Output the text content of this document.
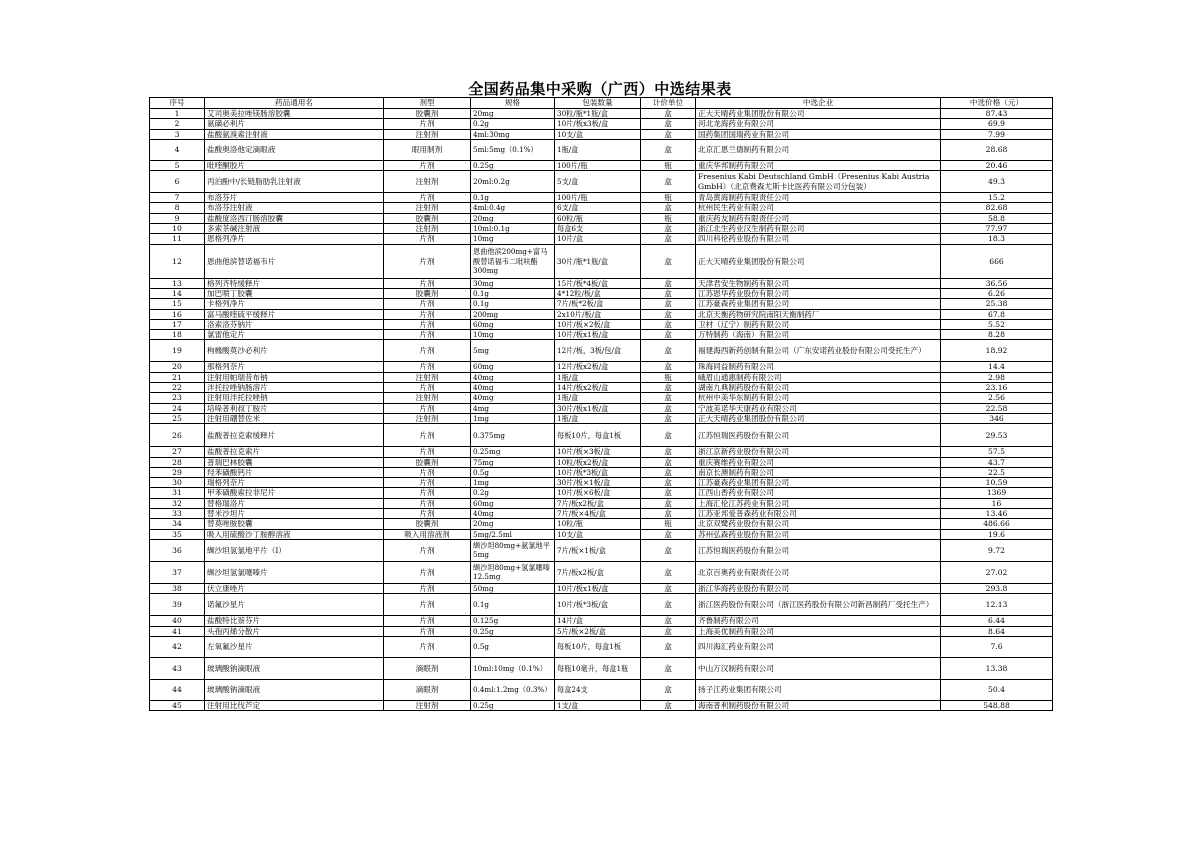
全国药品集中采购（广西）中选结果表
序号	药品通用名	剂型	规格	包装数量	计价单位	中选企业	中选价格（元）
1	艾司奥美拉唑镁肠溶胶囊	胶囊剂	20mg	30粒/瓶*1瓶/盒	盒	正大天晴药业集团股份有限公司	87.43
2	氨磺必利片	片剂	0.2g	10片/板x3板/盒	盒	河北龙海药业有限公司	69.9
3	盐酸氨溴索注射液	注射剂	4ml:30mg	10支/盒	盒	国药集团国瑞药业有限公司	7.99
4	盐酸奥洛他定滴眼液	眼用制剂	5ml:5mg（0.1%）	1瓶/盒	盒	北京汇恩兰德制药有限公司	28.68
5	吡喹酮胶片	片剂	0.25g	100片/瓶	瓶	重庆华邦制药有限公司	20.46
6	丙泊酚中/长链脂肪乳注射液	注射剂	20ml:0.2g	5支/盒	盒	Fresenius Kabi Deutschland GmbH（Fresenius Kabi Austria GmbH）（北京费森尤斯卡比医药有限公司分包装）	49.3
7	布洛芬片	片剂	0.1g	100片/瓶	瓶	青岛黄海制药有限责任公司	15.2
8	布洛芬注射液	注射剂	4ml:0.4g	6支/盒	盒	杭州民生药业有限公司	82.68
9	盐酸度洛西汀肠溶胶囊	胶囊剂	20mg	60粒/瓶	瓶	重庆药友制药有限责任公司	58.8
10	多索茶碱注射液	注射剂	10ml:0.1g	每盒6支	盒	浙江北生药业汉生制药有限公司	77.97
11	恩格列净片	片剂	10mg	10片/盒	盒	四川科伦药业股份有限公司	18.3
12	恩曲他滨替诺福韦片	片剂	恩曲他滨200mg+富马酸替诺福韦二吡呋酯300mg	30片/瓶*1瓶/盒	盒	正大天晴药业集团股份有限公司	666
13	格列齐特缓释片	片剂	30mg	15片/板*4板/盒	盒	天津君安生物制药有限公司	36.56
14	加巴喷丁胶囊	胶囊剂	0.1g	4*12粒/板/盒	盒	江苏恩华药业股份有限公司	6.26
15	卡格列净片	片剂	0.1g	7片/板*2板/盒	盒	江苏豪森药业集团有限公司	25.38
16	富马酸喹硫平缓释片	片剂	200mg	2x10片/板/盒	盒	北京天衡药物研究院南阳天衡制药厂	67.8
17	洛索洛芬钠片	片剂	60mg	10片/板×2板/盒	盒	卫材（辽宁）制药有限公司	5.52
18	氯雷他定片	片剂	10mg	10片/板x1板/盒	盒	万特制药（海南）有限公司	8.28
19	枸橼酸莫沙必利片	片剂	5mg	12片/板，3板/包/盒	盒	福建海西新药创制有限公司（广东安诺药业股份有限公司受托生产）	18.92
20	那格列奈片	片剂	60mg	12片/板x2板/盒	盒	珠海同益制药有限公司	14.4
21	注射用帕瑞昔布钠	注射剂	40mg	1瓶/盒	瓶	峨眉山通惠制药有限公司	2.98
22	泮托拉唑钠肠溶片	片剂	40mg	14片/板x2板/盒	盒	湖南九典制药股份有限公司	23.16
23	注射用泮托拉唑钠	注射剂	40mg	1瓶/盒	盒	杭州中美华东制药有限公司	2.56
24	培哚普利叔丁胺片	片剂	4mg	30片/板x1板/盒	盒	宁波美诺华天康药业有限公司	22.58
25	注射用硼替佐米	注射剂	1mg	1瓶/盒	盒	正大天晴药业集团股份有限公司	346
26	盐酸普拉克索缓释片	片剂	0.375mg	每板10片，每盒1板	盒	江苏恒瑞医药股份有限公司	29.53
27	盐酸普拉克索片	片剂	0.25mg	10片/板×3板/盒	盒	浙江京新药业股份有限公司	57.5
28	普瑞巴林胶囊	胶囊剂	75mg	10粒/板x2板/盒	盒	重庆赛维药业有限公司	43.7
29	羟苯磺酸钙片	片剂	0.5g	10片/板*3板/盒	盒	南京长澳制药有限公司	22.5
30	瑞格列奈片	片剂	1mg	30片/板×1板/盒	盒	江苏豪森药业集团有限公司	10.59
31	甲苯磺酸索拉非尼片	片剂	0.2g	10片/板×6板/盒	盒	江西山香药业有限公司	1369
32	替格瑞洛片	片剂	60mg	7片/板x2板/盒	盒	上海汇伦江苏药业有限公司	16
33	替米沙坦片	片剂	40mg	7片/板×4板/盒	盒	江苏亚邦爱普森药业有限公司	13.46
34	替莫唑胺胶囊	胶囊剂	20mg	10粒/瓶	瓶	北京双鹭药业股份有限公司	486.66
35	吸入用硫酸沙丁胺醇溶液	吸入用溶液剂	5mg/2.5ml	10支/盒	盒	苏州弘森药业股份有限公司	19.6
36	缬沙坦氢氯地平片（I）	片剂	缬沙坦80mg+氨氯地平5mg	7片/板×1板/盒	盒	江苏恒瑞医药股份有限公司	9.72
37	缬沙坦氢氯噻嗪片	片剂	缬沙坦80mg+氢氯噻嗪12.5mg	7片/板x2板/盒	盒	北京百奥药业有限责任公司	27.02
38	伏立康唑片	片剂	50mg	10片/板x1板/盒	盒	浙江华海药业股份有限公司	293.8
39	诺氟沙星片	片剂	0.1g	10片/板*3板/盒	盒	浙江医药股份有限公司（浙江医药股份有限公司新昌制药厂受托生产）	12.13
40	盐酸特比萘芬片	片剂	0.125g	14片/盒	盒	齐鲁制药有限公司	6.44
41	头孢丙烯分散片	片剂	0.25g	5片/板×2板/盒	盒	上海美优制药有限公司	8.64
42	左氧氟沙星片	片剂	0.5g	每板10片，每盒1板	盒	四川海汇药业有限公司	7.6
43	玻璃酸钠滴眼液	滴眼剂	10ml:10mg（0.1%）	每瓶10毫升，每盒1瓶	盒	中山万汉制药有限公司	13.38
44	玻璃酸钠滴眼液	滴眼剂	0.4ml:1.2mg（0.3%）	每盒24支	盒	扬子江药业集团有限公司	50.4
45	注射用比伐芦定	注射剂	0.25g	1支/盒	盒	海南普利制药股份有限公司	548.88
